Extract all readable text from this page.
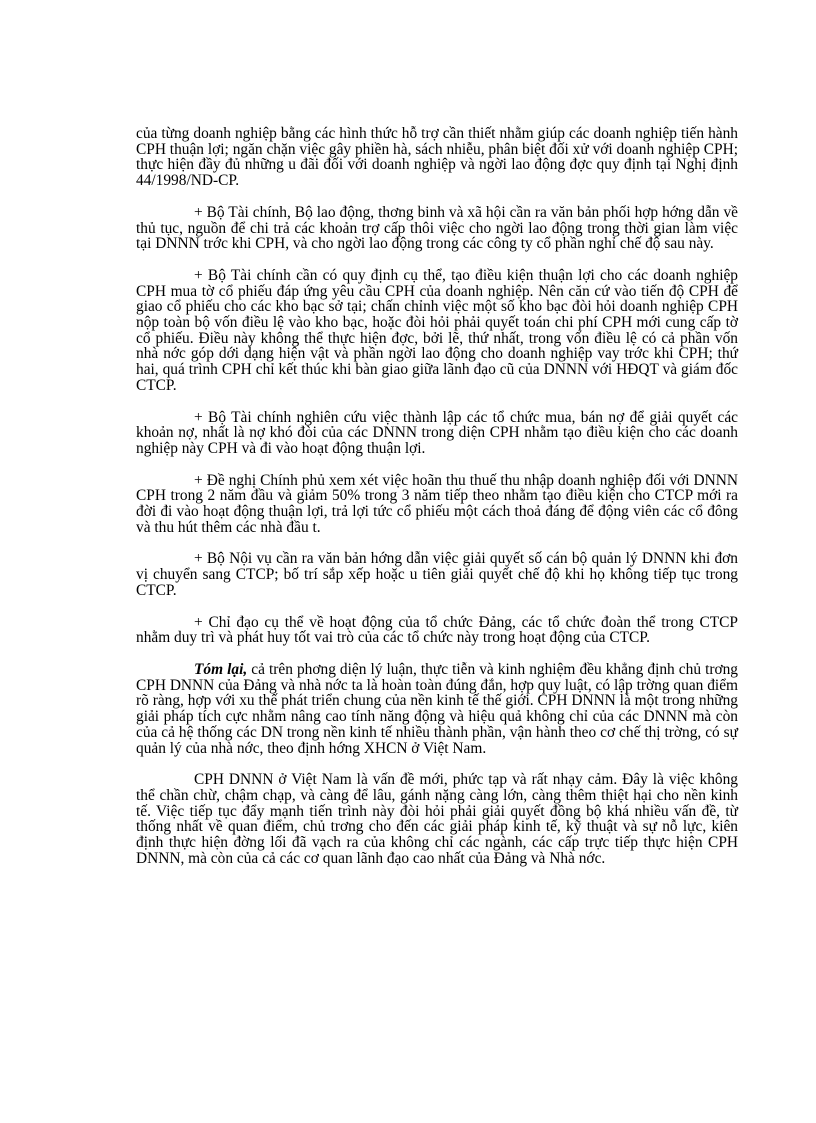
của từng doanh nghiệp bằng các hình thức hỗ trợ cần thiết nhằm giúp các doanh nghiệp tiến hành CPH thuận lợi; ngăn chặn việc gây phiền hà, sách nhiễu, phân biệt đối xử với doanh nghiệp CPH; thực hiện đầy đủ những u đãi đối với doanh nghiệp và ngời lao động đợc quy định tại Nghị định 44/1998/ND-CP.

+ Bộ Tài chính, Bộ lao động, thơng binh và xã hội cần ra văn bản phối hợp hớng dẫn về thủ tục, nguồn để chi trả các khoản trợ cấp thôi việc cho ngời lao động trong thời gian làm việc tại DNNN trớc khi CPH, và cho ngời lao động trong các công ty cổ phần nghỉ chế độ sau này.

+ Bộ Tài chính cần có quy định cụ thể, tạo điều kiện thuận lợi cho các doanh nghiệp CPH mua tờ cổ phiếu đáp ứng yêu cầu CPH của doanh nghiệp. Nên căn cứ vào tiến độ CPH để giao cổ phiếu cho các kho bạc sở tại; chấn chỉnh việc một số kho bạc đòi hỏi doanh nghiệp CPH nộp toàn bộ vốn điều lệ vào kho bạc, hoặc đòi hỏi phải quyết toán chi phí CPH mới cung cấp tờ cổ phiếu. Điều này không thể thực hiện đợc, bởi lẽ, thứ nhất, trong vốn điều lệ có cả phần vốn nhà nớc góp dới dạng hiện vật và phần ngời lao động cho doanh nghiệp vay trớc khi CPH; thứ hai, quá trình CPH chỉ kết thúc khi bàn giao giữa lãnh đạo cũ của DNNN với HĐQT và giám đốc CTCP.

+ Bộ Tài chính nghiên cứu việc thành lập các tổ chức mua, bán nợ để giải quyết các khoản nợ, nhất là nợ khó đòi của các DNNN trong diện CPH nhằm tạo điều kiện cho các doanh nghiệp này CPH và đi vào hoạt động thuận lợi.

+ Đề nghị Chính phủ xem xét việc hoãn thu thuế thu nhập doanh nghiệp đối với DNNN CPH trong 2 năm đầu và giảm 50% trong 3 năm tiếp theo nhằm tạo điều kiện cho CTCP mới ra đời đi vào hoạt động thuận lợi, trả lợi tức cổ phiếu một cách thoả đáng để động viên các cổ đông và thu hút thêm các nhà đầu t.

+ Bộ Nội vụ cần ra văn bản hớng dẫn việc giải quyết số cán bộ quản lý DNNN khi đơn vị chuyển sang CTCP; bố trí sắp xếp hoặc u tiên giải quyết chế độ khi họ không tiếp tục trong CTCP.

+ Chỉ đạo cụ thể về hoạt động của tổ chức Đảng, các tổ chức đoàn thể trong CTCP nhằm duy trì và phát huy tốt vai trò của các tổ chức này trong hoạt động của CTCP.

Tóm lại, cả trên phơng diện lý luận, thực tiễn và kinh nghiệm đều khẳng định chủ trơng CPH DNNN của Đảng và nhà nớc ta là hoàn toàn đúng đắn, hợp quy luật, có lập trờng quan điểm rõ ràng, hợp với xu thế phát triển chung của nền kinh tế thế giới. CPH DNNN là một trong những giải pháp tích cực nhằm nâng cao tính năng động và hiệu quả không chỉ của các DNNN mà còn của cả hệ thống các DN trong nền kinh tế nhiều thành phần, vận hành theo cơ chế thị trờng, có sự quản lý của nhà nớc, theo định hớng XHCN ở Việt Nam.

CPH DNNN ở Việt Nam là vấn đề mới, phức tạp và rất nhạy cảm. Đây là việc không thể chần chừ, chậm chạp, và càng để lâu, gánh nặng càng lớn, càng thêm thiệt hại cho nền kinh tế. Việc tiếp tục đẩy mạnh tiến trình này đòi hỏi phải giải quyết đồng bộ khá nhiều vấn đề, từ thống nhất về quan điểm, chủ trơng cho đến các giải pháp kinh tế, kỹ thuật và sự nỗ lực, kiên định thực hiện đờng lối đã vạch ra của không chỉ các ngành, các cấp trực tiếp thực hiện CPH DNNN, mà còn của cả các cơ quan lãnh đạo cao nhất của Đảng và Nhà nớc.
